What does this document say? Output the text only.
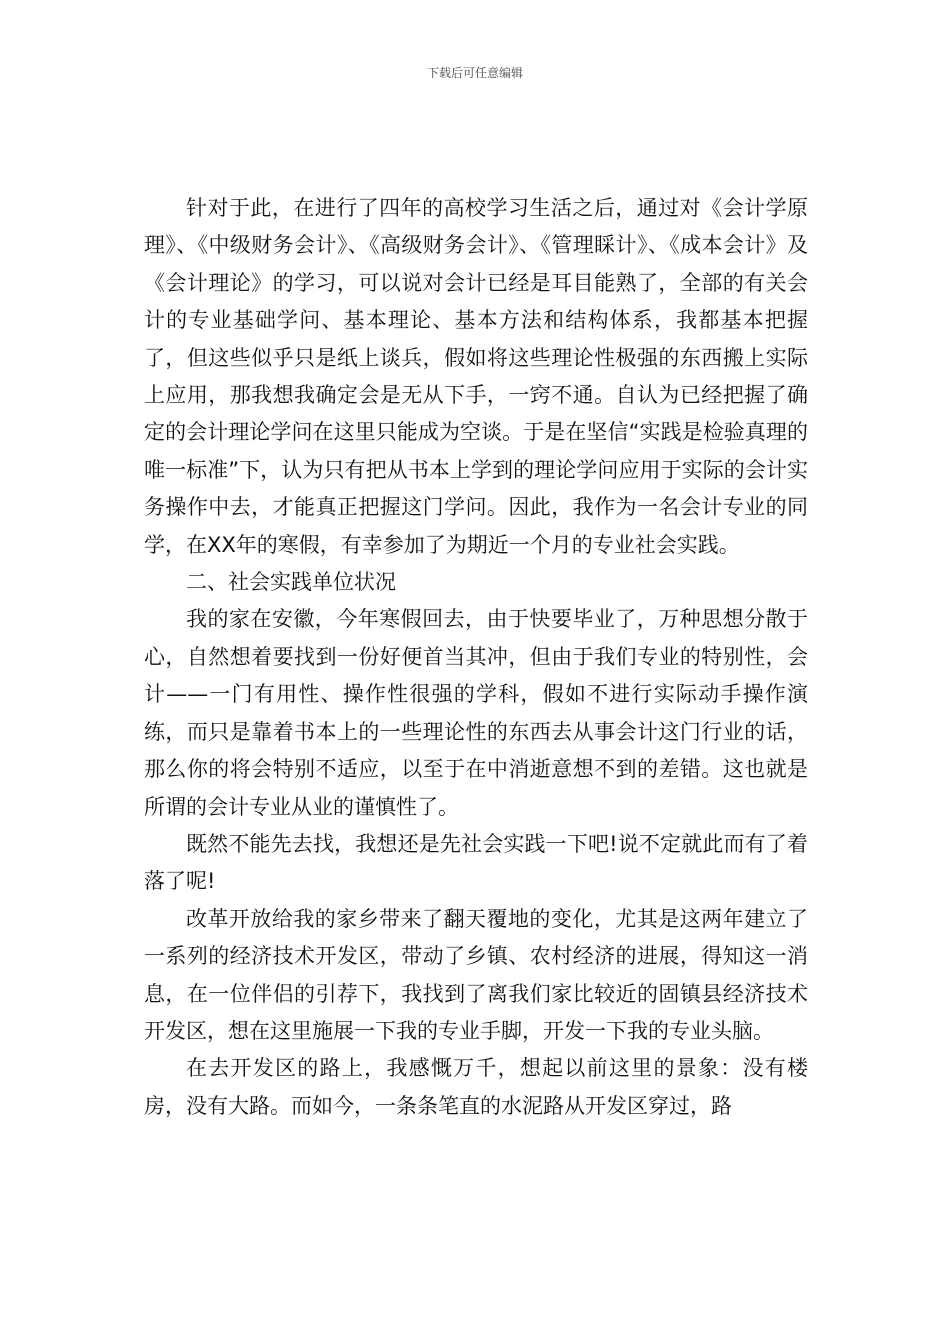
下载后可任意编辑

针对于此，在进行了四年的高校学习生活之后，通过对《会计学原理》、《中级财务会计》、《高级财务会计》、《管理睬计》、《成本会计》及《会计理论》的学习，可以说对会计已经是耳目能熟了，全部的有关会计的专业基础学问、基本理论、基本方法和结构体系，我都基本把握了，但这些似乎只是纸上谈兵，假如将这些理论性极强的东西搬上实际上应用，那我想我确定会是无从下手，一窍不通。自认为已经把握了确定的会计理论学问在这里只能成为空谈。于是在坚信“实践是检验真理的唯一标准”下，认为只有把从书本上学到的理论学问应用于实际的会计实务操作中去，才能真正把握这门学问。因此，我作为一名会计专业的同学，在XX年的寒假，有幸参加了为期近一个月的专业社会实践。

二、社会实践单位状况

我的家在安徽，今年寒假回去，由于快要毕业了，万种思想分散于心，自然想着要找到一份好便首当其冲，但由于我们专业的特别性，会计——一门有用性、操作性很强的学科，假如不进行实际动手操作演练，而只是靠着书本上的一些理论性的东西去从事会计这门行业的话，那么你的将会特别不适应，以至于在中消逝意想不到的差错。这也就是所谓的会计专业从业的谨慎性了。

既然不能先去找，我想还是先社会实践一下吧!说不定就此而有了着落了呢!

改革开放给我的家乡带来了翻天覆地的变化，尤其是这两年建立了一系列的经济技术开发区，带动了乡镇、农村经济的进展，得知这一消息，在一位伴侣的引荐下，我找到了离我们家比较近的固镇县经济技术开发区，想在这里施展一下我的专业手脚，开发一下我的专业头脑。

在去开发区的路上，我感慨万千，想起以前这里的景象：没有楼房，没有大路。而如今，一条条笔直的水泥路从开发区穿过，路
